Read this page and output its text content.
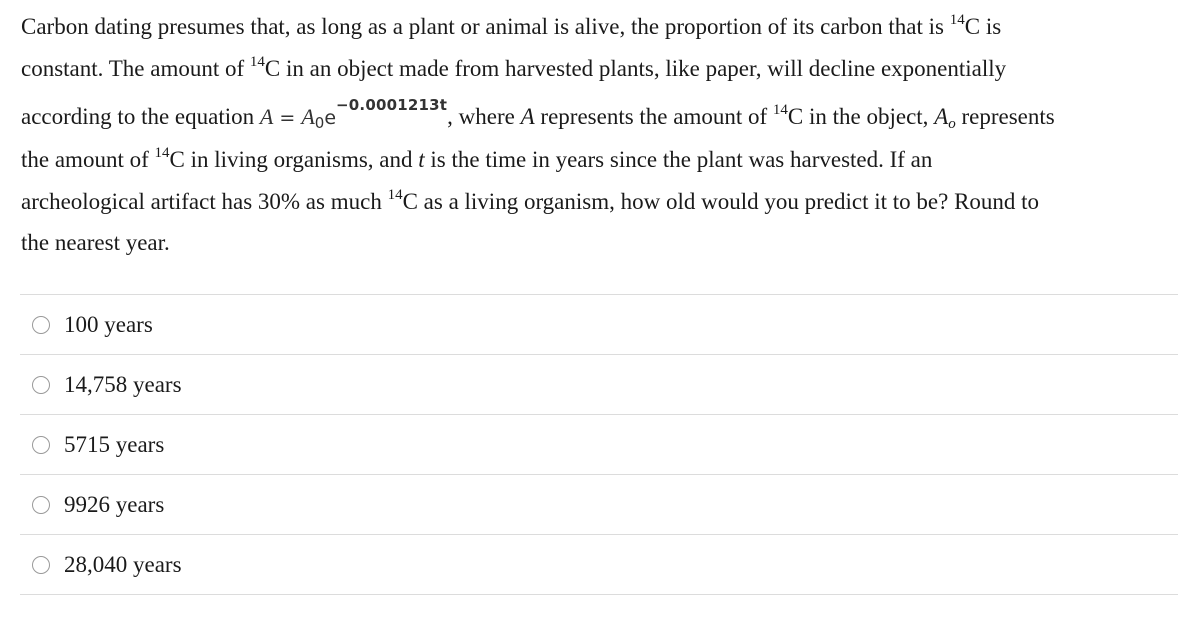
Carbon dating presumes that, as long as a plant or animal is alive, the proportion of its carbon that is $^{14}$C is
constant. The amount of $^{14}$C in an object made from harvested plants, like paper, will decline exponentially
according to the equation $A = A_0e^{-0.0001213t}$, where A represents the amount of $^{14}$C in the object, Ao represents
the amount of $^{14}$C in living organisms, and t is the time in years since the plant was harvested. If an
archeological artifact has 30% as much $^{14}$C as a living organism, how old would you predict it to be? Round to
the nearest year.
100 years
14,758 years
5715 years
9926 years
28,040 years
